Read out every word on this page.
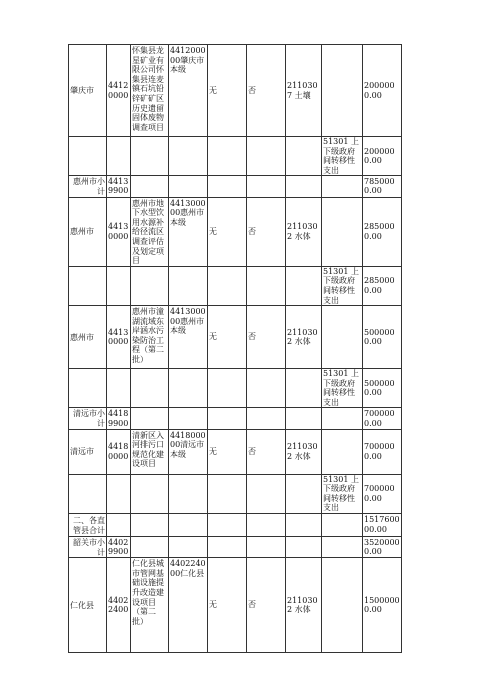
肇庆市	44120000	怀集县龙星矿业有限公司怀集县连麦镇石坑铅锌矿矿区历史遗留固体废物调查项目	441200000肇庆市本级	无	否	2110307 土壤		2000000.00
							51301 上下级政府间转移性支出	2000000.00
惠州市小计	44139900							7850000.00
惠州市	44130000	惠州市地下水型饮用水源补给径流区调查评估及划定项目	441300000惠州市本级	无	否	2110302 水体		2850000.00
							51301 上下级政府间转移性支出	2850000.00
惠州市	44130000	惠州市潼湖流域东岸涵水污染防治工程（第二批）	441300000惠州市本级	无	否	2110302 水体		5000000.00
							51301 上下级政府间转移性支出	5000000.00
清远市小计	44189900							7000000.00
清远市	44180000	清新区入河排污口规范化建设项目	441800000清远市本级	无	否	2110302 水体		7000000.00
							51301 上下级政府间转移性支出	7000000.00
二、各直管县合计								151760000.00
韶关市小计	44029900							35200000.00
仁化县	44022400	仁化县城市管网基础设施提升改造建设项目（第二批）	440224000仁化县	无	否	2110302 水体		15000000.00
